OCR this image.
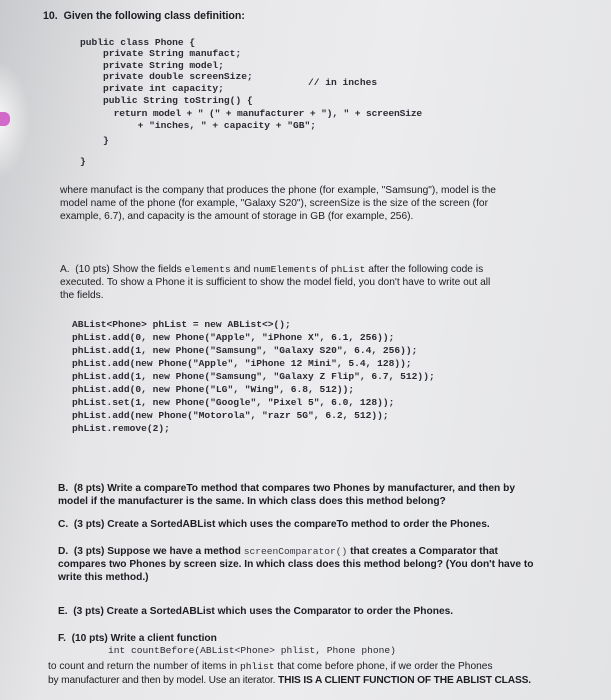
10.  Given the following class definition:
public class Phone {
private String manufact;
private String model;
private double screenSize;
// in inches
private int capacity;
public String toString() {
return model + " (" + manufacturer + "), " + screenSize
+ "inches, " + capacity + "GB";
}
}
where manufact is the company that produces the phone (for example, "Samsung"), model is the
model name of the phone (for example, "Galaxy S20"), screenSize is the size of the screen (for
example, 6.7), and capacity is the amount of storage in GB (for example, 256).
A.  (10 pts) Show the fields elements and numElements of phList after the following code is
executed. To show a Phone it is sufficient to show the model field, you don't have to write out all
the fields.
ABList<Phone> phList = new ABList<>();
phList.add(0, new Phone("Apple", "iPhone X", 6.1, 256));
phList.add(1, new Phone("Samsung", "Galaxy S20", 6.4, 256));
phList.add(new Phone("Apple", "iPhone 12 Mini", 5.4, 128));
phList.add(1, new Phone("Samsung", "Galaxy Z Flip", 6.7, 512));
phList.add(0, new Phone("LG", "Wing", 6.8, 512));
phList.set(1, new Phone("Google", "Pixel 5", 6.0, 128));
phList.add(new Phone("Motorola", "razr 5G", 6.2, 512));
phList.remove(2);
B.  (8 pts) Write a compareTo method that compares two Phones by manufacturer, and then by
model if the manufacturer is the same. In which class does this method belong?
C.  (3 pts) Create a SortedABList which uses the compareTo method to order the Phones.
D.  (3 pts) Suppose we have a method screenComparator() that creates a Comparator that
compares two Phones by screen size. In which class does this method belong? (You don't have to
write this method.)
E.  (3 pts) Create a SortedABList which uses the Comparator to order the Phones.
F.  (10 pts) Write a client function
int countBefore(ABList<Phone> phlist, Phone phone)
to count and return the number of items in phlist that come before phone, if we order the Phones
by manufacturer and then by model. Use an iterator. THIS IS A CLIENT FUNCTION OF THE ABLIST CLASS.
